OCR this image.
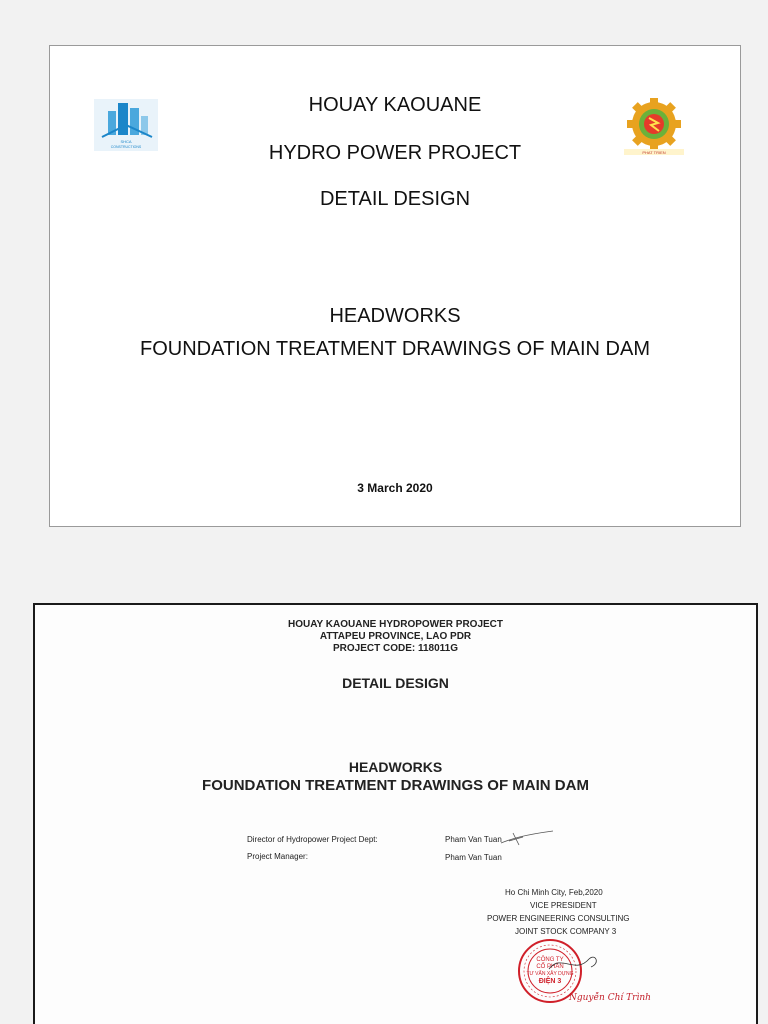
SHCA
CONSTRUCTIONS
PHAT TRIEN
HOUAY KAOUANE
HYDRO POWER PROJECT
DETAIL DESIGN
HEADWORKS
FOUNDATION TREATMENT DRAWINGS OF MAIN DAM
3 March 2020
HOUAY KAOUANE HYDROPOWER PROJECT
ATTAPEU PROVINCE, LAO PDR
PROJECT CODE: 118011G
DETAIL DESIGN
HEADWORKS
FOUNDATION TREATMENT DRAWINGS OF MAIN DAM
Director of Hydropower Project Dept:	Pham Van Tuan
Project Manager:	Pham Van Tuan
Ho Chi Minh City, Feb,2020
VICE PRESIDENT
POWER ENGINEERING CONSULTING
JOINT STOCK COMPANY 3
CÔNG TY
CỔ PHẦN
TƯ VẤN XÂY DỰNG
ĐIỆN 3
Nguyễn Chí Trình
